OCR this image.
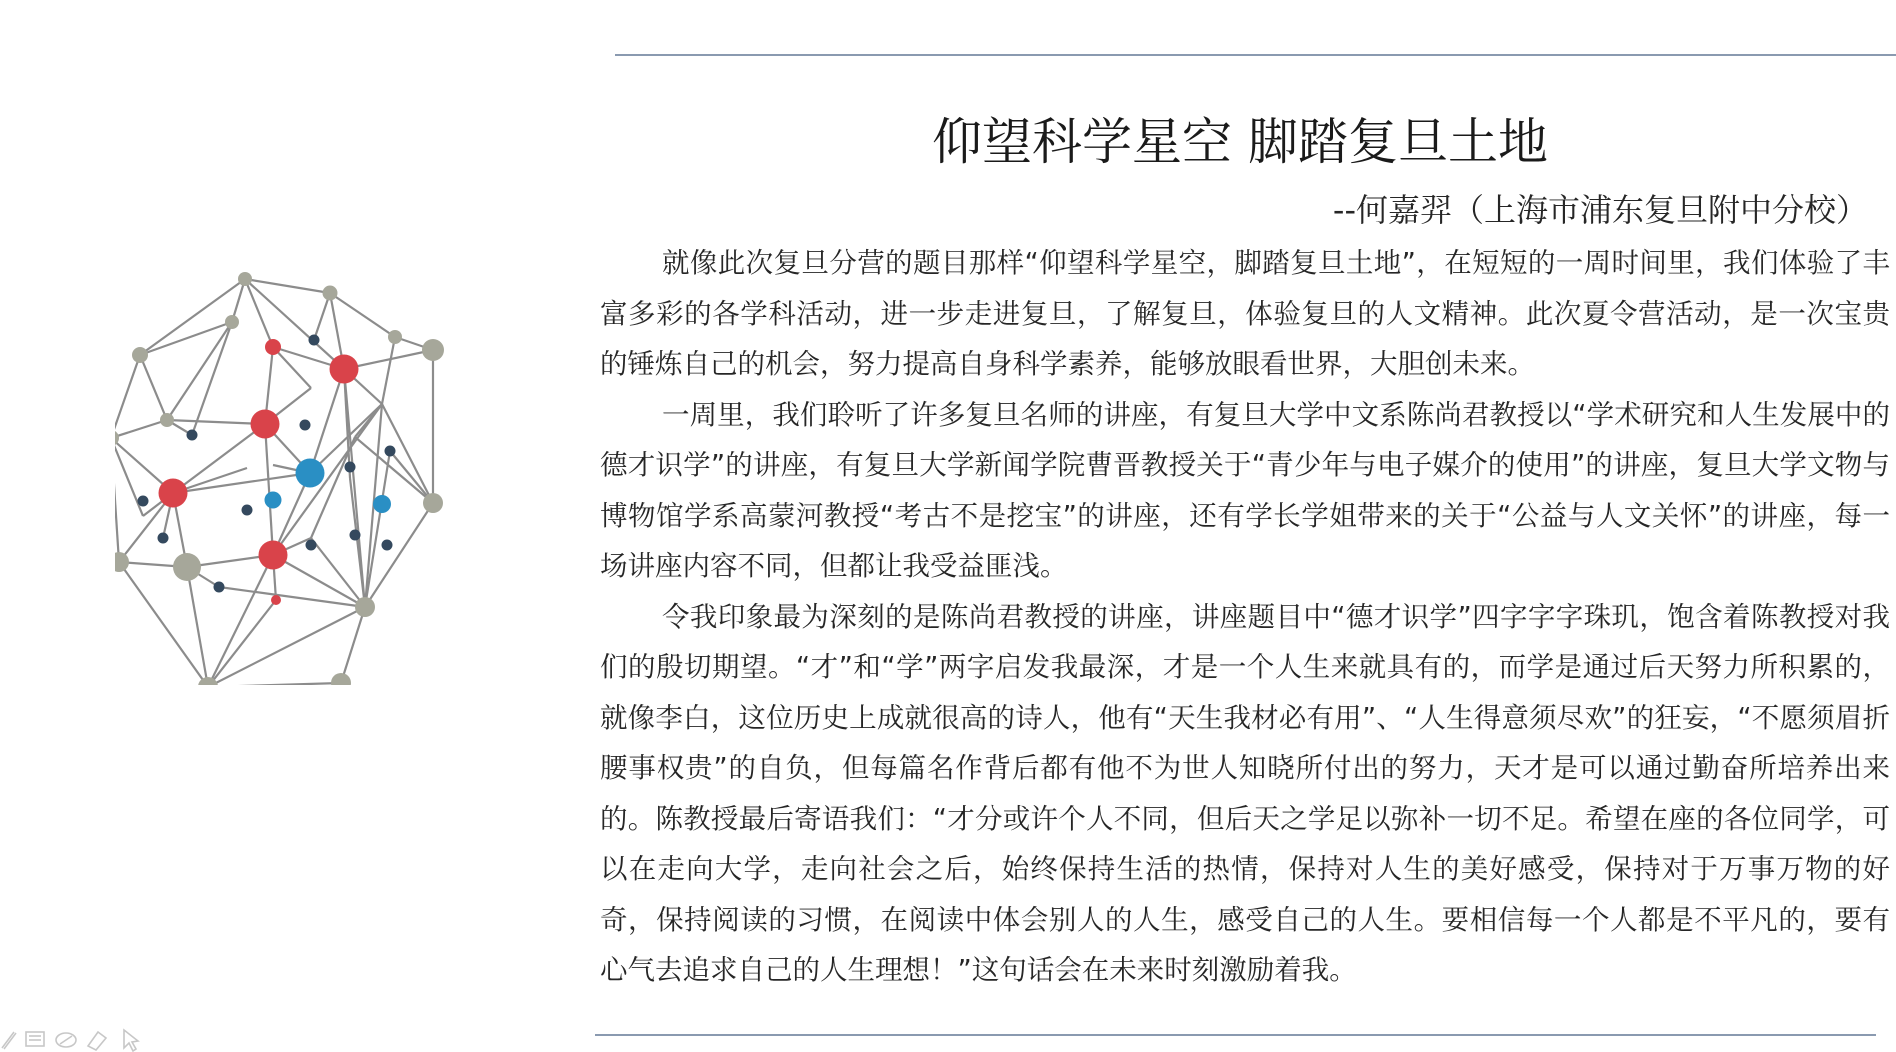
仰望科学星空 脚踏复旦土地
--何嘉羿（上海市浦东复旦附中分校）

就像此次复旦分营的题目那样“仰望科学星空，脚踏复旦土地”，在短短的一周时间里，我们体验了丰富多彩的各学科活动，进一步走进复旦，了解复旦，体验复旦的人文精神。此次夏令营活动，是一次宝贵的锤炼自己的机会，努力提高自身科学素养，能够放眼看世界，大胆创未来。

一周里，我们聆听了许多复旦名师的讲座，有复旦大学中文系陈尚君教授以“学术研究和人生发展中的德才识学”的讲座，有复旦大学新闻学院曹晋教授关于“青少年与电子媒介的使用”的讲座，复旦大学文物与博物馆学系高蒙河教授“考古不是挖宝”的讲座，还有学长学姐带来的关于“公益与人文关怀”的讲座，每一场讲座内容不同，但都让我受益匪浅。

令我印象最为深刻的是陈尚君教授的讲座，讲座题目中“德才识学”四字字字珠玑，饱含着陈教授对我们的殷切期望。“才”和“学”两字启发我最深，才是一个人生来就具有的，而学是通过后天努力所积累的，就像李白，这位历史上成就很高的诗人，他有“天生我材必有用”、“人生得意须尽欢”的狂妄，“不愿须眉折腰事权贵”的自负，但每篇名作背后都有他不为世人知晓所付出的努力，天才是可以通过勤奋所培养出来的。陈教授最后寄语我们：“才分或许个人不同，但后天之学足以弥补一切不足。希望在座的各位同学，可以在走向大学，走向社会之后，始终保持生活的热情，保持对人生的美好感受，保持对于万事万物的好奇，保持阅读的习惯，在阅读中体会别人的人生，感受自己的人生。要相信每一个人都是不平凡的，要有心气去追求自己的人生理想！”这句话会在未来时刻激励着我。
